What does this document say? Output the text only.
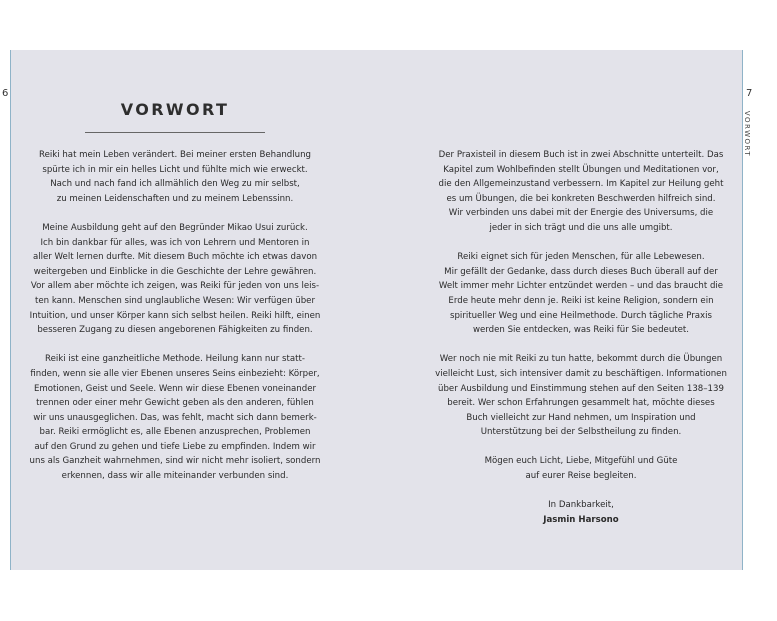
6	7
VORWORT
VORWORT

Reiki hat mein Leben verändert. Bei meiner ersten Behandlung
spürte ich in mir ein helles Licht und fühlte mich wie erweckt.
Nach und nach fand ich allmählich den Weg zu mir selbst,
zu meinen Leidenschaften und zu meinem Lebenssinn.

Meine Ausbildung geht auf den Begründer Mikao Usui zurück.
Ich bin dankbar für alles, was ich von Lehrern und Mentoren in
aller Welt lernen durfte. Mit diesem Buch möchte ich etwas davon
weitergeben und Einblicke in die Geschichte der Lehre gewähren.
Vor allem aber möchte ich zeigen, was Reiki für jeden von uns leis-
ten kann. Menschen sind unglaubliche Wesen: Wir verfügen über
Intuition, und unser Körper kann sich selbst heilen. Reiki hilft, einen
besseren Zugang zu diesen angeborenen Fähigkeiten zu finden.

Reiki ist eine ganzheitliche Methode. Heilung kann nur statt-
finden, wenn sie alle vier Ebenen unseres Seins einbezieht: Körper,
Emotionen, Geist und Seele. Wenn wir diese Ebenen voneinander
trennen oder einer mehr Gewicht geben als den anderen, fühlen
wir uns unausgeglichen. Das, was fehlt, macht sich dann bemerk-
bar. Reiki ermöglicht es, alle Ebenen anzusprechen, Problemen
auf den Grund zu gehen und tiefe Liebe zu empfinden. Indem wir
uns als Ganzheit wahrnehmen, sind wir nicht mehr isoliert, sondern
erkennen, dass wir alle miteinander verbunden sind.

Der Praxisteil in diesem Buch ist in zwei Abschnitte unterteilt. Das
Kapitel zum Wohlbefinden stellt Übungen und Meditationen vor,
die den Allgemeinzustand verbessern. Im Kapitel zur Heilung geht
es um Übungen, die bei konkreten Beschwerden hilfreich sind.
Wir verbinden uns dabei mit der Energie des Universums, die
jeder in sich trägt und die uns alle umgibt.

Reiki eignet sich für jeden Menschen, für alle Lebewesen.
Mir gefällt der Gedanke, dass durch dieses Buch überall auf der
Welt immer mehr Lichter entzündet werden – und das braucht die
Erde heute mehr denn je. Reiki ist keine Religion, sondern ein
spiritueller Weg und eine Heilmethode. Durch tägliche Praxis
werden Sie entdecken, was Reiki für Sie bedeutet.

Wer noch nie mit Reiki zu tun hatte, bekommt durch die Übungen
vielleicht Lust, sich intensiver damit zu beschäftigen. Informationen
über Ausbildung und Einstimmung stehen auf den Seiten 138–139
bereit. Wer schon Erfahrungen gesammelt hat, möchte dieses
Buch vielleicht zur Hand nehmen, um Inspiration und
Unterstützung bei der Selbstheilung zu finden.

Mögen euch Licht, Liebe, Mitgefühl und Güte
auf eurer Reise begleiten.

In Dankbarkeit,
Jasmin Harsono
